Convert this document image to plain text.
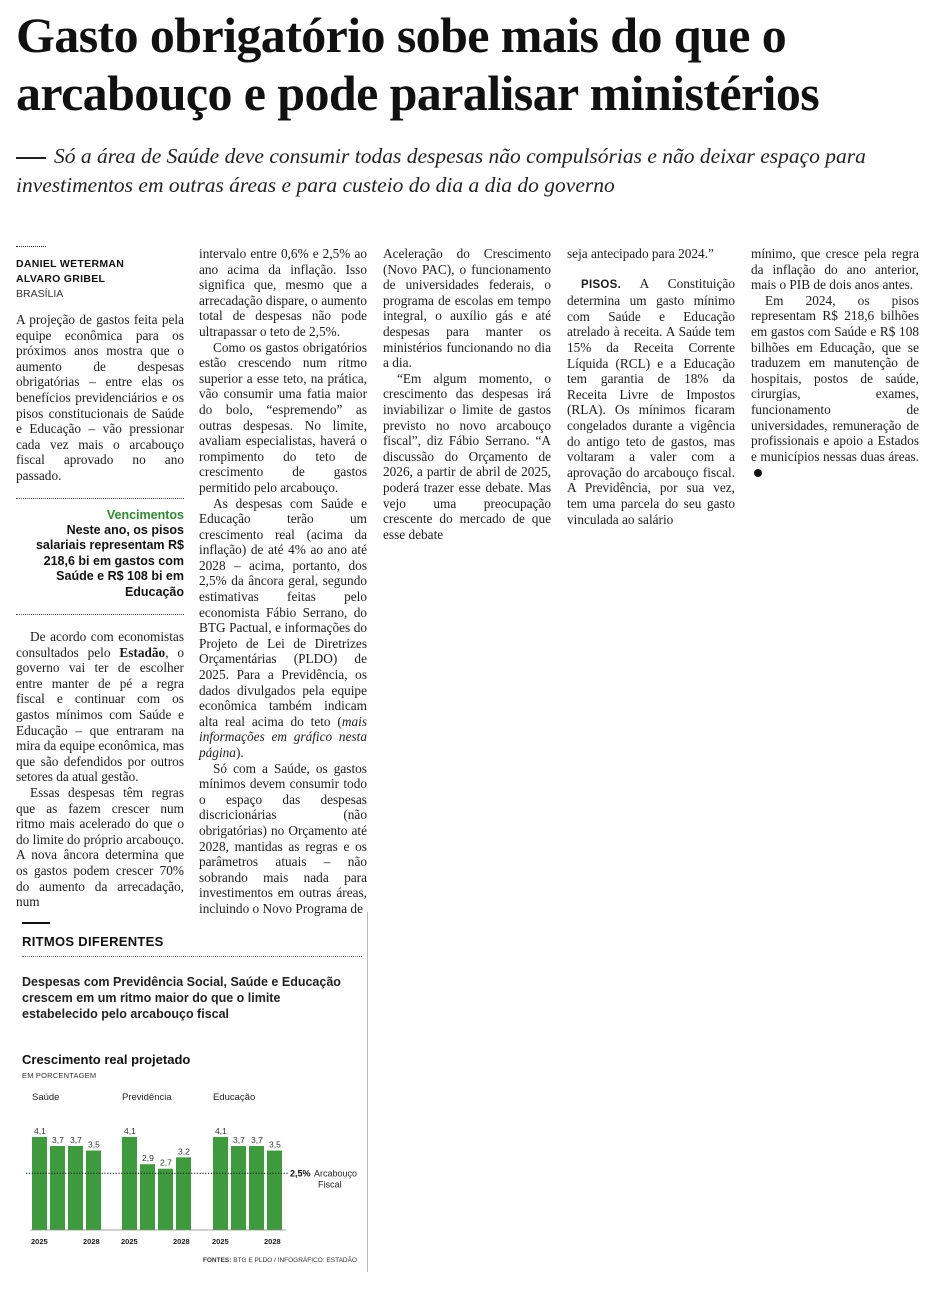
Gasto obrigatório sobe mais do que o arcabouço e pode paralisar ministérios
Só a área de Saúde deve consumir todas despesas não compulsórias e não deixar espaço para investimentos em outras áreas e para custeio do dia a dia do governo
DANIEL WETERMAN
ALVARO GRIBEL
BRASÍLIA

A projeção de gastos feita pela equipe econômica para os próximos anos mostra que o aumento de despesas obrigatórias – entre elas os benefícios previdenciários e os pisos constitucionais de Saúde e Educação – vão pressionar cada vez mais o arcabouço fiscal aprovado no ano passado.

Vencimentos
Neste ano, os pisos salariais representam R$ 218,6 bi em gastos com Saúde e R$ 108 bi em Educação

De acordo com economistas consultados pelo Estadão, o governo vai ter de escolher entre manter de pé a regra fiscal e continuar com os gastos mínimos com Saúde e Educação – que entraram na mira da equipe econômica, mas que são defendidos por outros setores da atual gestão.

Essas despesas têm regras que as fazem crescer num ritmo mais acelerado do que o do limite do próprio arcabouço. A nova âncora determina que os gastos podem crescer 70% do aumento da arrecadação, num

intervalo entre 0,6% e 2,5% ao ano acima da inflação. Isso significa que, mesmo que a arrecadação dispare, o aumento total de despesas não pode ultrapassar o teto de 2,5%.

Como os gastos obrigatórios estão crescendo num ritmo superior a esse teto, na prática, vão consumir uma fatia maior do bolo, “espremendo” as outras despesas. No limite, avaliam especialistas, haverá o rompimento do teto de crescimento de gastos permitido pelo arcabouço.

As despesas com Saúde e Educação terão um crescimento real (acima da inflação) de até 4% ao ano até 2028 – acima, portanto, dos 2,5% da âncora geral, segundo estimativas feitas pelo economista Fábio Serrano, do BTG Pactual, e informações do Projeto de Lei de Diretrizes Orçamentárias (PLDO) de 2025. Para a Previdência, os dados divulgados pela equipe econômica também indicam alta real acima do teto (mais informações em gráfico nesta página).

Só com a Saúde, os gastos mínimos devem consumir todo o espaço das despesas discricionárias (não obrigatórias) no Orçamento até 2028, mantidas as regras e os parâmetros atuais – não sobrando mais nada para investimentos em outras áreas, incluindo o Novo Programa de

Aceleração do Crescimento (Novo PAC), o funcionamento de universidades federais, o programa de escolas em tempo integral, o auxílio gás e até despesas para manter os ministérios funcionando no dia a dia.

“Em algum momento, o crescimento das despesas irá inviabilizar o limite de gastos previsto no novo arcabouço fiscal”, diz Fábio Serrano. “A discussão do Orçamento de 2026, a partir de abril de 2025, poderá trazer esse debate. Mas vejo uma preocupação crescente do mercado de que esse debate

seja antecipado para 2024.”

PISOS. A Constituição determina um gasto mínimo com Saúde e Educação atrelado à receita. A Saúde tem 15% da Receita Corrente Líquida (RCL) e a Educação tem garantia de 18% da Receita Livre de Impostos (RLA). Os mínimos ficaram congelados durante a vigência do antigo teto de gastos, mas voltaram a valer com a aprovação do arcabouço fiscal. A Previdência, por sua vez, tem uma parcela do seu gasto vinculada ao salário

mínimo, que cresce pela regra da inflação do ano anterior, mais o PIB de dois anos antes.

Em 2024, os pisos representam R$ 218,6 bilhões em gastos com Saúde e R$ 108 bilhões em Educação, que se traduzem em manutenção de hospitais, postos de saúde, cirurgias, exames, funcionamento de universidades, remuneração de profissionais e apoio a Estados e municípios nessas duas áreas.

RITMOS DIFERENTES
Despesas com Previdência Social, Saúde e Educação crescem em um ritmo maior do que o limite estabelecido pelo arcabouço fiscal
Crescimento real projetado
EM PORCENTAGEM
Saúde
4,1
3,7 3,7 3,5
2025	2028
Previdência
4,1
2,9 2,7
3,2
2025	2028
Educação
4,1
3,7 3,7 3,5
2025	2028
2,5% Arcabouço
Fiscal
FONTES: BTG E PLDO / INFOGRÁFICO: ESTADÃO
